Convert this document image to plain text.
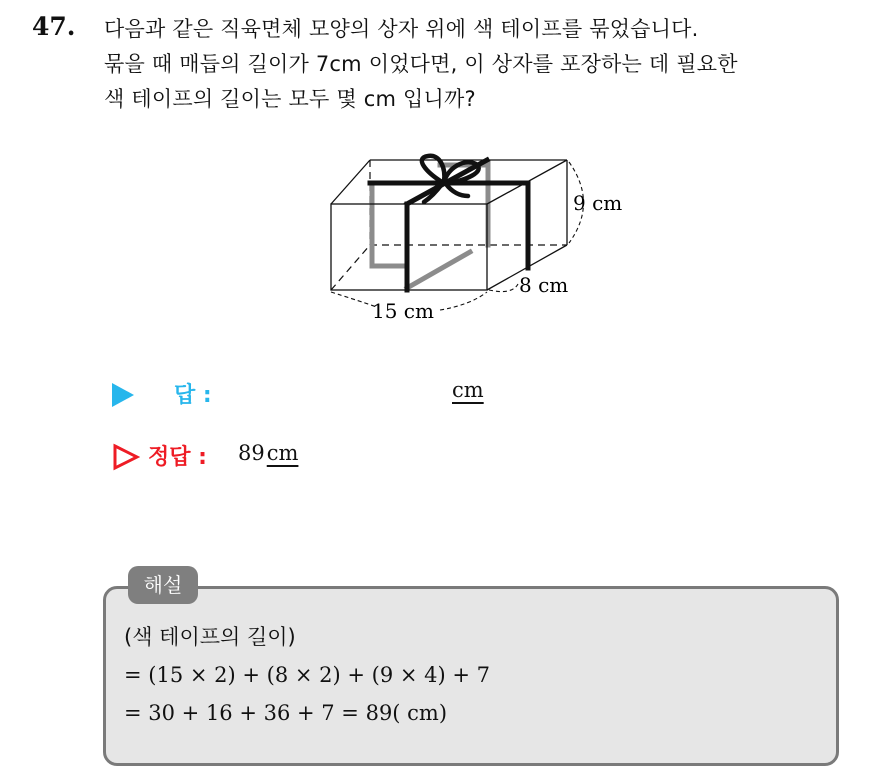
47. 다음과 같은 직육면체 모양의 상자 위에 색 테이프를 묶었습니다.
묶을 때 매듭의 길이가 7cm 이었다면, 이 상자를 포장하는 데 필요한
색 테이프의 길이는 모두 몇 cm 입니까?
9 cm
8 cm
15 cm
답 :	cm
정답 : 89cm
해설
(색 테이프의 길이)
= (15 × 2) + (8 × 2) + (9 × 4) + 7
= 30 + 16 + 36 + 7 = 89( cm)
